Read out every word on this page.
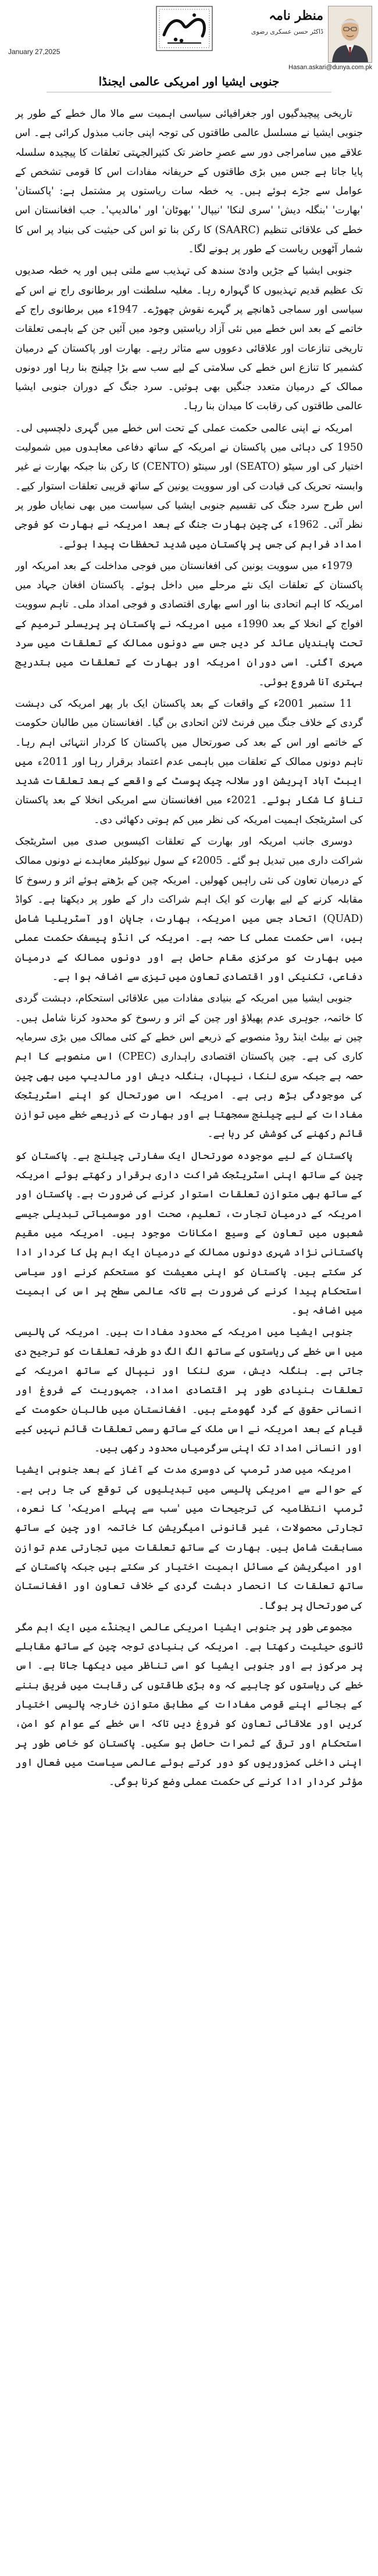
January 27,2025
منظر نامہ
ڈاکٹر حسن عسکری رضوی
Hasan.askari@dunya.com.pk
جنوبی ایشیا اور امریکی عالمی ایجنڈا

تاریخی پیچیدگیوں اور جغرافیائی سیاسی اہمیت سے مالا مال خطے کے طور پر جنوبی ایشیا نے مسلسل عالمی طاقتوں کی توجہ اپنی جانب مبذول کرائی ہے۔ اس علاقے میں سامراجی دور سے عصرِ حاضر تک کثیرالجہتی تعلقات کا پیچیدہ سلسلہ پایا جاتا ہے جس میں بڑی طاقتوں کے حریفانہ مفادات اس کا قومی تشخص کے عوامل سے جڑے ہوئے ہیں۔ یہ خطہ سات ریاستوں پر مشتمل ہے: 'پاکستان' 'بھارت' 'بنگلہ دیش' 'سری لنکا' 'نیپال' 'بھوٹان' اور 'مالدیپ'۔ جب افغانستان اس خطے کی علاقائی تنظیم (SAARC) کا رکن بنا تو اس کی حیثیت کی بنیاد پر اس کا شمار آٹھویں ریاست کے طور پر ہونے لگا۔

جنوبی ایشیا کے جڑیں وادیٔ سندھ کی تہذیب سے ملتی ہیں اور یہ خطہ صدیوں تک عظیم قدیم تہذیبوں کا گہوارہ رہا۔ مغلیہ سلطنت اور برطانوی راج نے اس کے سیاسی اور سماجی ڈھانچے پر گہرے نقوش چھوڑے۔ 1947ء میں برطانوی راج کے خاتمے کے بعد اس خطے میں نئی آزاد ریاستیں وجود میں آئیں جن کے باہمی تعلقات تاریخی تنازعات اور علاقائی دعووں سے متاثر رہے۔ بھارت اور پاکستان کے درمیان کشمیر کا تنازع اس خطے کی سلامتی کے لیے سب سے بڑا چیلنج بنا رہا اور دونوں ممالک کے درمیان متعدد جنگیں بھی ہوئیں۔ سرد جنگ کے دوران جنوبی ایشیا عالمی طاقتوں کی رقابت کا میدان بنا رہا۔

امریکہ نے اپنی عالمی حکمت عملی کے تحت اس خطے میں گہری دلچسپی لی۔ 1950 کی دہائی میں پاکستان نے امریکہ کے ساتھ دفاعی معاہدوں میں شمولیت اختیار کی اور سیٹو (SEATO) اور سینٹو (CENTO) کا رکن بنا جبکہ بھارت نے غیر وابستہ تحریک کی قیادت کی اور سوویت یونین کے ساتھ قریبی تعلقات استوار کیے۔ اس طرح سرد جنگ کی تقسیم جنوبی ایشیا کی سیاست میں بھی نمایاں طور پر نظر آئی۔ 1962ء کی چین بھارت جنگ کے بعد امریکہ نے بھارت کو فوجی امداد فراہم کی جس پر پاکستان میں شدید تحفظات پیدا ہوئے۔

1979ء میں سوویت یونین کی افغانستان میں فوجی مداخلت کے بعد امریکہ اور پاکستان کے تعلقات ایک نئے مرحلے میں داخل ہوئے۔ پاکستان افغان جہاد میں امریکہ کا اہم اتحادی بنا اور اسے بھاری اقتصادی و فوجی امداد ملی۔ تاہم سوویت افواج کے انخلا کے بعد 1990ء میں امریکہ نے پاکستان پر پریسلر ترمیم کے تحت پابندیاں عائد کر دیں جس سے دونوں ممالک کے تعلقات میں سرد مہری آگئی۔ اسی دوران امریکہ اور بھارت کے تعلقات میں بتدریج بہتری آنا شروع ہوئی۔

11 ستمبر 2001ء کے واقعات کے بعد پاکستان ایک بار پھر امریکہ کی دہشت گردی کے خلاف جنگ میں فرنٹ لائن اتحادی بن گیا۔ افغانستان میں طالبان حکومت کے خاتمے اور اس کے بعد کی صورتحال میں پاکستان کا کردار انتہائی اہم رہا۔ تاہم دونوں ممالک کے تعلقات میں باہمی عدم اعتماد برقرار رہا اور 2011ء میں ایبٹ آباد آپریشن اور سلالہ چیک پوسٹ کے واقعے کے بعد تعلقات شدید تناؤ کا شکار ہوئے۔ 2021ء میں افغانستان سے امریکی انخلا کے بعد پاکستان کی اسٹریٹجک اہمیت امریکہ کی نظر میں کم ہوتی دکھائی دی۔

دوسری جانب امریکہ اور بھارت کے تعلقات اکیسویں صدی میں اسٹریٹجک شراکت داری میں تبدیل ہو گئے۔ 2005ء کے سول نیوکلیئر معاہدے نے دونوں ممالک کے درمیان تعاون کی نئی راہیں کھولیں۔ امریکہ چین کے بڑھتے ہوئے اثر و رسوخ کا مقابلہ کرنے کے لیے بھارت کو ایک اہم شراکت دار کے طور پر دیکھتا ہے۔ کواڈ (QUAD) اتحاد جس میں امریکہ، بھارت، جاپان اور آسٹریلیا شامل ہیں، اسی حکمت عملی کا حصہ ہے۔ امریکہ کی انڈو پیسفک حکمت عملی میں بھارت کو مرکزی مقام حاصل ہے اور دونوں ممالک کے درمیان دفاعی، تکنیکی اور اقتصادی تعاون میں تیزی سے اضافہ ہوا ہے۔

جنوبی ایشیا میں امریکہ کے بنیادی مفادات میں علاقائی استحکام، دہشت گردی کا خاتمہ، جوہری عدم پھیلاؤ اور چین کے اثر و رسوخ کو محدود کرنا شامل ہیں۔ چین نے بیلٹ اینڈ روڈ منصوبے کے ذریعے اس خطے کے کئی ممالک میں بڑی سرمایہ کاری کی ہے۔ چین پاکستان اقتصادی راہداری (CPEC) اس منصوبے کا اہم حصہ ہے جبکہ سری لنکا، نیپال، بنگلہ دیش اور مالدیپ میں بھی چین کی موجودگی بڑھ رہی ہے۔ امریکہ اس صورتحال کو اپنے اسٹریٹجک مفادات کے لیے چیلنج سمجھتا ہے اور بھارت کے ذریعے خطے میں توازن قائم رکھنے کی کوشش کر رہا ہے۔

پاکستان کے لیے موجودہ صورتحال ایک سفارتی چیلنج ہے۔ پاکستان کو چین کے ساتھ اپنی اسٹریٹجک شراکت داری برقرار رکھتے ہوئے امریکہ کے ساتھ بھی متوازن تعلقات استوار کرنے کی ضرورت ہے۔ پاکستان اور امریکہ کے درمیان تجارت، تعلیم، صحت اور موسمیاتی تبدیلی جیسے شعبوں میں تعاون کے وسیع امکانات موجود ہیں۔ امریکہ میں مقیم پاکستانی نژاد شہری دونوں ممالک کے درمیان ایک اہم پل کا کردار ادا کر سکتے ہیں۔ پاکستان کو اپنی معیشت کو مستحکم کرنے اور سیاسی استحکام پیدا کرنے کی ضرورت ہے تاکہ عالمی سطح پر اس کی اہمیت میں اضافہ ہو۔

جنوبی ایشیا میں امریکہ کے محدود مفادات ہیں۔ امریکہ کی پالیسی میں اس خطے کی ریاستوں کے ساتھ الگ الگ دو طرفہ تعلقات کو ترجیح دی جاتی ہے۔ بنگلہ دیش، سری لنکا اور نیپال کے ساتھ امریکہ کے تعلقات بنیادی طور پر اقتصادی امداد، جمہوریت کے فروغ اور انسانی حقوق کے گرد گھومتے ہیں۔ افغانستان میں طالبان حکومت کے قیام کے بعد امریکہ نے اس ملک کے ساتھ رسمی تعلقات قائم نہیں کیے اور انسانی امداد تک اپنی سرگرمیاں محدود رکھی ہیں۔

امریکہ میں صدر ٹرمپ کی دوسری مدت کے آغاز کے بعد جنوبی ایشیا کے حوالے سے امریکی پالیسی میں تبدیلیوں کی توقع کی جا رہی ہے۔ ٹرمپ انتظامیہ کی ترجیحات میں 'سب سے پہلے امریکہ' کا نعرہ، تجارتی محصولات، غیر قانونی امیگریشن کا خاتمہ اور چین کے ساتھ مسابقت شامل ہیں۔ بھارت کے ساتھ تعلقات میں تجارتی عدم توازن اور امیگریشن کے مسائل اہمیت اختیار کر سکتے ہیں جبکہ پاکستان کے ساتھ تعلقات کا انحصار دہشت گردی کے خلاف تعاون اور افغانستان کی صورتحال پر ہوگا۔

مجموعی طور پر جنوبی ایشیا امریکی عالمی ایجنڈے میں ایک اہم مگر ثانوی حیثیت رکھتا ہے۔ امریکہ کی بنیادی توجہ چین کے ساتھ مقابلے پر مرکوز ہے اور جنوبی ایشیا کو اسی تناظر میں دیکھا جاتا ہے۔ اس خطے کی ریاستوں کو چاہیے کہ وہ بڑی طاقتوں کی رقابت میں فریق بننے کے بجائے اپنے قومی مفادات کے مطابق متوازن خارجہ پالیسی اختیار کریں اور علاقائی تعاون کو فروغ دیں تاکہ اس خطے کے عوام کو امن، استحکام اور ترقی کے ثمرات حاصل ہو سکیں۔ پاکستان کو خاص طور پر اپنی داخلی کمزوریوں کو دور کرتے ہوئے عالمی سیاست میں فعال اور مؤثر کردار ادا کرنے کی حکمت عملی وضع کرنا ہوگی۔
